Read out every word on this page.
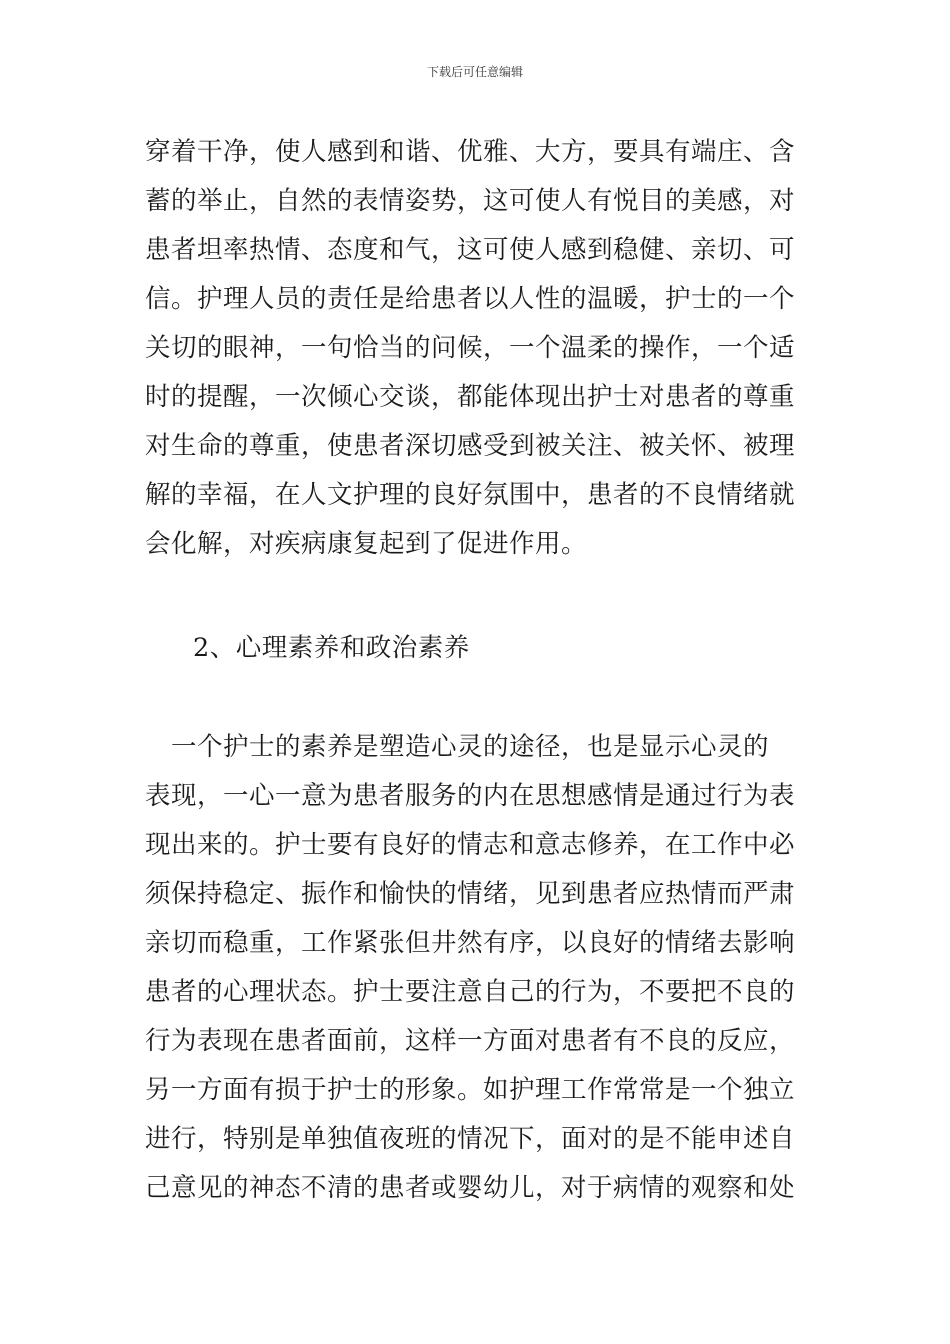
下载后可任意编辑
穿着干净，使人感到和谐、优雅、大方，要具有端庄、含
蓄的举止，自然的表情姿势，这可使人有悦目的美感，对
患者坦率热情、态度和气，这可使人感到稳健、亲切、可
信。护理人员的责任是给患者以人性的温暖，护士的一个
关切的眼神，一句恰当的问候，一个温柔的操作，一个适
时的提醒，一次倾心交谈，都能体现出护士对患者的尊重
对生命的尊重，使患者深切感受到被关注、被关怀、被理
解的幸福，在人文护理的良好氛围中，患者的不良情绪就
会化解，对疾病康复起到了促进作用。
2、心理素养和政治素养
　一个护士的素养是塑造心灵的途径，也是显示心灵的
表现，一心一意为患者服务的内在思想感情是通过行为表
现出来的。护士要有良好的情志和意志修养，在工作中必
须保持稳定、振作和愉快的情绪，见到患者应热情而严肃
亲切而稳重，工作紧张但井然有序，以良好的情绪去影响
患者的心理状态。护士要注意自己的行为，不要把不良的
行为表现在患者面前，这样一方面对患者有不良的反应，
另一方面有损于护士的形象。如护理工作常常是一个独立
进行，特别是单独值夜班的情况下，面对的是不能申述自
己意见的神态不清的患者或婴幼儿，对于病情的观察和处
